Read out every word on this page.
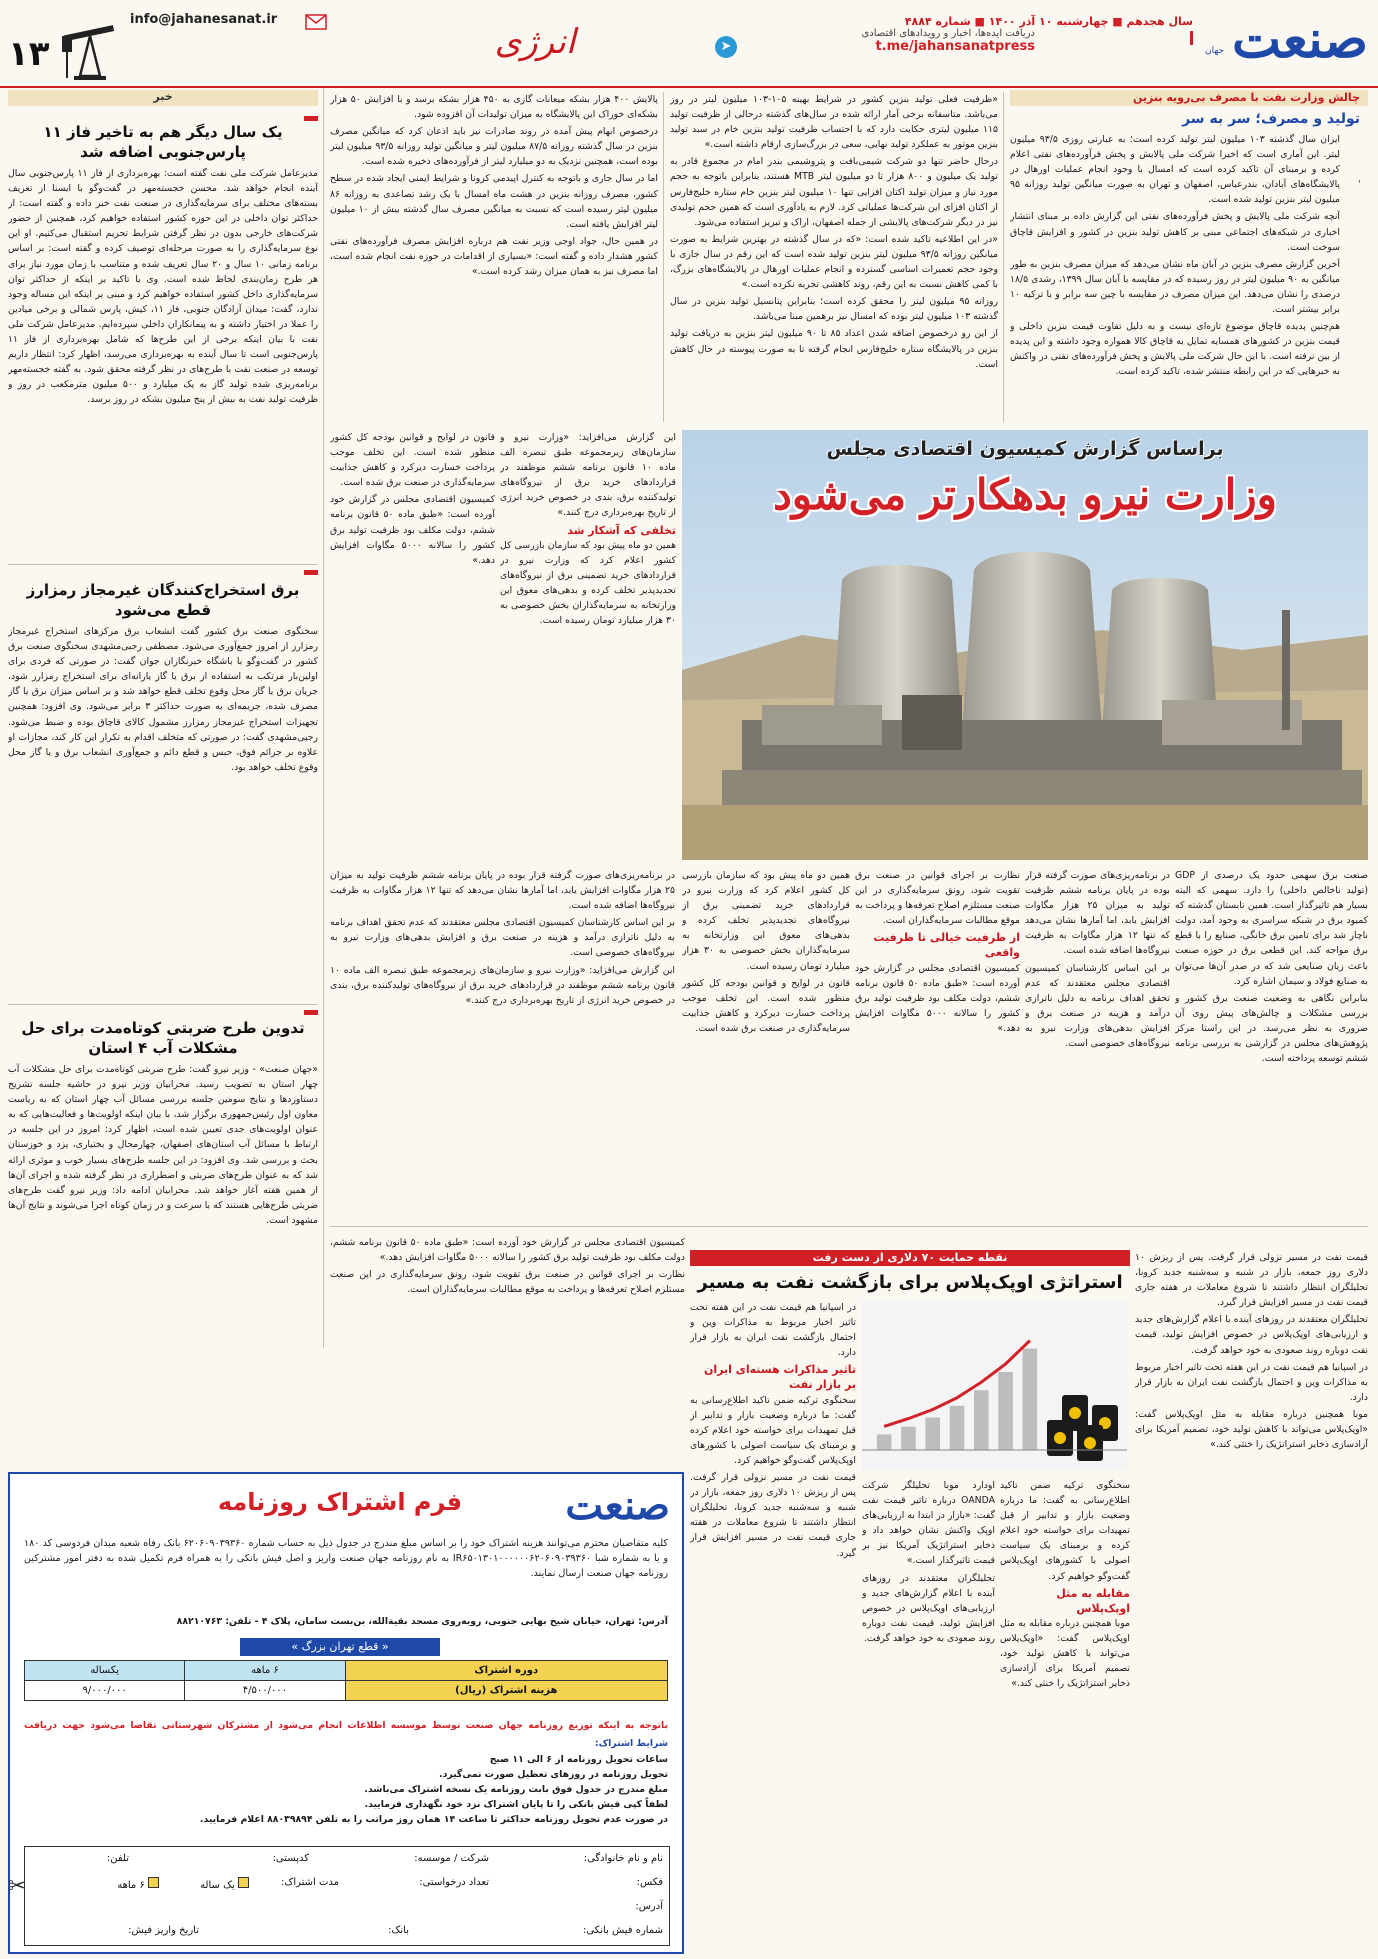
صنعت
جهان
سال هجدهم ■ چهارشنبه ۱۰ آذر ۱۴۰۰ ■ شماره ۴۸۸۴
➤
دریافت ایده‌ها، اخبار و رویدادهای اقتصادی
t.me/jahansanatpress
انرژی
info@jahanesanat.ir
۱۳
چالش وزارت نفت با مصرف بی‌رویه بنزین
تولید و مصرف؛ سر به سر

ایران سال گذشته ۱۰۳ میلیون لیتر تولید کرده است؛ به عبارتی روزی ۹۳/۵ میلیون لیتر. این آماری است که اخیرا شرکت ملی پالایش و پخش فرآورده‌های نفتی اعلام کرده و برمبنای آن تاکید کرده است که امسال با وجود انجام عملیات اورهال در پالایشگاه‌های آبادان، بندرعباس، اصفهان و تهران به صورت میانگین تولید روزانه ۹۵ میلیون لیتر بنزین تولید شده است.

آنچه شرکت ملی پالایش و پخش فرآورده‌های نفتی این گزارش داده بر مبنای انتشار اخباری در شبکه‌های اجتماعی مبنی بر کاهش تولید بنزین در کشور و افزایش قاچاق سوخت است.

آخرین گزارش مصرف بنزین در آبان ماه نشان می‌دهد که میزان مصرف بنزین به طور میانگین به ۹۰ میلیون لیتر در روز رسیده که در مقایسه با آبان سال ۱۳۹۹، رشدی ۱۸/۵ درصدی را نشان می‌دهد. این میزان مصرف در مقایسه با چین سه برابر و با ترکیه ۱۰ برابر بیشتر است.

هم‌چنین پدیده قاچاق موضوع تازه‌ای نیست و به دلیل تفاوت قیمت بنزین داخلی و قیمت بنزین در کشورهای همسایه تمایل به قاچاق کالا همواره وجود داشته و این پدیده از بین نرفته است. با این حال شرکت ملی پالایش و پخش فرآورده‌های نفتی در واکنش به خبرهایی که در این رابطه منتشر شده، تاکید کرده است.

ـ

«ظرفیت فعلی تولید بنزین کشور در شرایط بهینه ۱۰۵-۱۰۳ میلیون لیتر در روز می‌باشد. متاسفانه برخی آمار ارائه شده در سال‌های گذشته درحالی از ظرفیت تولید ۱۱۵ میلیون لیتری حکایت دارد که با احتساب ظرفیت تولید بنزین خام در سبد تولید بنزین موتور به عملکرد تولید نهایی، سعی در بزرگ‌سازی ارقام داشته است.»

درحال حاضر تنها دو شرکت شیمی‌بافت و پتروشیمی بندر امام در مجموع قادر به تولید یک میلیون و ۸۰۰ هزار تا دو میلیون لیتر MTB هستند، بنابراین باتوجه به حجم مورد نیاز و میزان تولید اکتان افزایی تنها ۱۰ میلیون لیتر بنزین خام ستاره خلیج‌فارس از اکتان افزای این شرکت‌ها عملیاتی کرد. لازم به یادآوری است که همین حجم تولیدی نیز در دیگر شرکت‌های پالایشی از جمله اصفهان، اراک و تبریز استفاده می‌شود.

«در این اطلاعیه تاکید شده است: «که در سال گذشته در بهترین شرایط به صورت میانگین روزانه ۹۳/۵ میلیون لیتر بنزین تولید شده است که این رقم در سال جاری با وجود حجم تعمیرات اساسی گسترده و انجام عملیات اورهال در پالایشگاه‌های بزرگ، با کمی کاهش نسبت به این رقم، روند کاهشی تجربه نکرده است.»

روزانه ۹۵ میلیون لیتر را محقق کرده است؛ بنابراین پتانسیل تولید بنزین در سال گذشته ۱۰۳ میلیون لیتر بوده که امسال نیز برهمین مبنا می‌باشد.

از این رو درخصوص اضافه شدن اعداد ۸۵ تا ۹۰ میلیون لیتر بنزین به دریافت تولید بنزین در پالایشگاه ستاره خلیج‌فارس انجام گرفته تا به صورت پیوسته در حال کاهش است.

پالایش ۴۰۰ هزار بشکه میعانات گازی به ۴۵۰ هزار بشکه برسد و با افزایش ۵۰ هزار بشکه‌ای خوراک این پالایشگاه به میزان تولیدات آن افزوده شود.

درخصوص ابهام پیش آمده در روند صادرات نیز باید اذعان کرد که میانگین مصرف بنزین در سال گذشته روزانه ۸۷/۵ میلیون لیتر و میانگین تولید روزانه ۹۳/۵ میلیون لیتر بوده است، همچنین نزدیک به دو میلیارد لیتر از فرآورده‌های ذخیره شده است.

اما در سال جاری و باتوجه به کنترل اپیدمی کرونا و شرایط ایمنی ایجاد شده در سطح کشور، مصرف روزانه بنزین در هشت ماه امسال با یک رشد تصاعدی به روزانه ۸۶ میلیون لیتر رسیده است که نسبت به میانگین مصرف سال گذشته بیش از ۱۰ میلیون لیتر افزایش یافته است.

در همین حال، جواد اوجی وزیر نفت هم درباره افزایش مصرف فرآورده‌های نفتی کشور هشدار داده و گفته است: «بسیاری از اقدامات در حوزه نفت انجام شده است، اما مصرف نیز به همان میزان رشد کرده است.»

براساس گزارش کمیسیون اقتصادی مجلس
وزارت نیرو بدهکارتر می‌شود

صنعت برق سهمی حدود یک درصدی از GDP (تولید ناخالص داخلی) را دارد. سهمی که البته بسیار هم تاثیرگذار است. همین تابستان گذشته که کمبود برق در شبکه سراسری به وجود آمد، دولت ناچار شد برای تامین برق خانگی، صنایع را با قطع برق مواجه کند. این قطعی برق در حوزه صنعت باعث زیان صنایعی شد که در صدر آن‌ها می‌توان به صنایع فولاد و سیمان اشاره کرد.

بنابراین نگاهی به وضعیت صنعت برق کشور و بررسی مشکلات و چالش‌های پیش روی آن ضروری به نظر می‌رسد. در این راستا مرکز پژوهش‌های مجلس در گزارشی به بررسی برنامه ششم توسعه پرداخته است.

در برنامه‌ریزی‌های صورت گرفته قرار بوده در پایان برنامه ششم ظرفیت تولید به میزان ۲۵ هزار مگاوات افزایش یابد، اما آمارها نشان می‌دهد که تنها ۱۲ هزار مگاوات به ظرفیت نیروگاه‌ها اضافه شده است.

بر این اساس کارشناسان کمیسیون اقتصادی مجلس معتقدند که عدم تحقق اهداف برنامه به دلیل ناترازی درآمد و هزینه در صنعت برق و افزایش بدهی‌های وزارت نیرو به نیروگاه‌های خصوصی است.

نظارت بر اجرای قوانین در صنعت برق تقویت شود، رونق سرمایه‌گذاری در این صنعت مستلزم اصلاح تعرفه‌ها و پرداخت به موقع مطالبات سرمایه‌گذاران است.

از ظرفیت خیالی تا ظرفیت واقعی

کمیسیون اقتصادی مجلس در گزارش خود آورده است: «طبق ماده ۵۰ قانون برنامه ششم، دولت مکلف بود ظرفیت تولید برق کشور را سالانه ۵۰۰۰ مگاوات افزایش دهد.»

همین دو ماه پیش بود که سازمان بازرسی کل کشور اعلام کرد که وزارت نیرو در قراردادهای خرید تضمینی برق از نیروگاه‌های تجدیدپذیر تخلف کرده و بدهی‌های معوق این وزارتخانه به سرمایه‌گذاران بخش خصوصی به ۳۰ هزار میلیارد تومان رسیده است.

قانون در لوایح و قوانین بودجه کل کشور منظور شده است. این تخلف موجب پرداخت خسارت دیرکرد و کاهش جذابیت سرمایه‌گذاری در صنعت برق شده است.

این گزارش می‌افزاید: «وزارت نیرو و سازمان‌های زیرمجموعه طبق تبصره الف ماده ۱۰ قانون برنامه ششم موظفند در قراردادهای خرید برق از نیروگاه‌های تولیدکننده برق، بندی در خصوص خرید انرژی از تاریخ بهره‌برداری درج کنند.»

تخلفی که آشکار شد

همین دو ماه پیش بود که سازمان بازرسی کل کشور اعلام کرد که وزارت نیرو در قراردادهای خرید تضمینی برق از نیروگاه‌های تجدیدپذیر تخلف کرده و بدهی‌های معوق این وزارتخانه به سرمایه‌گذاران بخش خصوصی به ۳۰ هزار میلیارد تومان رسیده است.

قانون در لوایح و قوانین بودجه کل کشور منظور شده است. این تخلف موجب پرداخت خسارت دیرکرد و کاهش جذابیت سرمایه‌گذاری در صنعت برق شده است.

کمیسیون اقتصادی مجلس در گزارش خود آورده است: «طبق ماده ۵۰ قانون برنامه ششم، دولت مکلف بود ظرفیت تولید برق کشور را سالانه ۵۰۰۰ مگاوات افزایش دهد.»

در برنامه‌ریزی‌های صورت گرفته قرار بوده در پایان برنامه ششم ظرفیت تولید به میزان ۲۵ هزار مگاوات افزایش یابد، اما آمارها نشان می‌دهد که تنها ۱۲ هزار مگاوات به ظرفیت نیروگاه‌ها اضافه شده است.

بر این اساس کارشناسان کمیسیون اقتصادی مجلس معتقدند که عدم تحقق اهداف برنامه به دلیل ناترازی درآمد و هزینه در صنعت برق و افزایش بدهی‌های وزارت نیرو به نیروگاه‌های خصوصی است.

این گزارش می‌افزاید: «وزارت نیرو و سازمان‌های زیرمجموعه طبق تبصره الف ماده ۱۰ قانون برنامه ششم موظفند در قراردادهای خرید برق از نیروگاه‌های تولیدکننده برق، بندی در خصوص خرید انرژی از تاریخ بهره‌برداری درج کنند.»

نقطه حمایت ۷۰ دلاری از دست رفت
استراتژی اوپک‌پلاس برای بازگشت نفت به مسیر

قیمت نفت در مسیر نزولی قرار گرفت. پس از ریزش ۱۰ دلاری روز جمعه، بازار در شنبه و سه‌شنبه جدید کرونا، تحلیلگران انتظار داشتند تا شروع معاملات در هفته جاری قیمت نفت در مسیر افزایش قرار گیرد.

تحلیلگران معتقدند در روزهای آینده با اعلام گزارش‌های جدید و ارزیابی‌های اوپک‌پلاس در خصوص افزایش تولید، قیمت نفت دوباره روند صعودی به خود خواهد گرفت.

در اسپانیا هم قیمت نفت در این هفته تحت تاثیر اخبار مربوط به مذاکرات وین و احتمال بازگشت نفت ایران به بازار قرار دارد.

موبا همچنین درباره مقابله به مثل اوپک‌پلاس گفت: «اوپک‌پلاس می‌تواند با کاهش تولید خود، تصمیم آمریکا برای آزادسازی ذخایر استراتژیک را خنثی کند.»

سخنگوی ترکیه ضمن تاکید اطلاع‌رسانی به گفت: ما درباره وضعیت بازار و تدابیر از قبل تمهیدات برای خواسته خود اعلام کرده و برمبنای یک سیاست اصولی با کشورهای اوپک‌پلاس گفت‌وگو خواهیم کرد.

مقابله به مثل اوپک‌پلاس

موبا همچنین درباره مقابله به مثل اوپک‌پلاس گفت: «اوپک‌پلاس می‌تواند با کاهش تولید خود، تصمیم آمریکا برای آزادسازی ذخایر استراتژیک را خنثی کند.»

اودارد موبا تحلیلگر شرکت OANDA درباره تاثیر قیمت نفت گفت: «بازار در ابتدا به ارزیابی‌های اوپک واکنش نشان خواهد داد و ذخایر استراتژیک آمریکا نیز بر قیمت تاثیرگذار است.»

تحلیلگران معتقدند در روزهای آینده با اعلام گزارش‌های جدید و ارزیابی‌های اوپک‌پلاس در خصوص افزایش تولید، قیمت نفت دوباره روند صعودی به خود خواهد گرفت.

در اسپانیا هم قیمت نفت در این هفته تحت تاثیر اخبار مربوط به مذاکرات وین و احتمال بازگشت نفت ایران به بازار قرار دارد.

تاثیر مذاکرات هسته‌ای ایران بر بازار نفت

سخنگوی ترکیه ضمن تاکید اطلاع‌رسانی به گفت: ما درباره وضعیت بازار و تدابیر از قبل تمهیدات برای خواسته خود اعلام کرده و برمبنای یک سیاست اصولی با کشورهای اوپک‌پلاس گفت‌وگو خواهیم کرد.

قیمت نفت در مسیر نزولی قرار گرفت. پس از ریزش ۱۰ دلاری روز جمعه، بازار در شنبه و سه‌شنبه جدید کرونا، تحلیلگران انتظار داشتند تا شروع معاملات در هفته جاری قیمت نفت در مسیر افزایش قرار گیرد.

کمیسیون اقتصادی مجلس در گزارش خود آورده است: «طبق ماده ۵۰ قانون برنامه ششم، دولت مکلف بود ظرفیت تولید برق کشور را سالانه ۵۰۰۰ مگاوات افزایش دهد.»

نظارت بر اجرای قوانین در صنعت برق تقویت شود، رونق سرمایه‌گذاری در این صنعت مستلزم اصلاح تعرفه‌ها و پرداخت به موقع مطالبات سرمایه‌گذاران است.

خبر
یک سال دیگر هم به تاخیر فاز ۱۱ پارس‌جنوبی اضافه شد
مدیرعامل شرکت ملی نفت گفته است: بهره‌برداری از فاز ۱۱ پارس‌جنوبی سال آینده انجام خواهد شد. محسن خجسته‌مهر در گفت‌وگو با ایسنا از تعریف بسته‌های مختلف برای سرمایه‌گذاری در صنعت نفت خبر داده و گفته است: از حداکثر توان داخلی در این حوزه کشور استفاده خواهیم کرد، همچنین از حضور شرکت‌های خارجی بدون در نظر گرفتن شرایط تحریم استقبال می‌کنیم. او این نوع سرمایه‌گذاری را به صورت مرحله‌ای توصیف کرده و گفته است: بر اساس برنامه زمانی ۱۰ سال و ۲۰ سال تعریف شده و متناسب با زمان مورد نیاز برای هر طرح زمان‌بندی لحاظ شده است. وی با تاکید بر اینکه از حداکثر توان سرمایه‌گذاری داخل کشور استفاده خواهیم کرد و مبنی بر اینکه این مساله وجود ندارد، گفت: میدان آزادگان جنوبی، فاز ۱۱، کیش، پارس شمالی و برخی میادین را عملا در اختیار داشته و به پیمانکاران داخلی سپرده‌ایم. مدیرعامل شرکت ملی نفت با بیان اینکه برخی از این طرح‌ها که شامل بهره‌برداری از فاز ۱۱ پارس‌جنوبی است تا سال آینده به بهره‌برداری می‌رسد، اظهار کرد: انتظار داریم توسعه در صنعت نفت با طرح‌های در نظر گرفته محقق شود. به گفته خجسته‌مهر برنامه‌ریزی شده تولید گاز به یک میلیارد و ۵۰۰ میلیون مترمکعب در روز و ظرفیت تولید نفت به بیش از پنج میلیون بشکه در روز برسد.
برق استخراج‌کنندگان غیرمجاز رمزارز قطع می‌شود
سخنگوی صنعت برق کشور گفت انشعاب برق مرکزهای استخراج غیرمجاز رمزارز از امروز جمع‌آوری می‌شود. مصطفی رجبی‌مشهدی سخنگوی صنعت برق کشور در گفت‌وگو با باشگاه خبرنگاران جوان گفت: در صورتی که فردی برای اولین‌بار مرتکب به استفاده از برق یا گاز یارانه‌ای برای استخراج رمزارز شود، جریان برق یا گاز محل وقوع تخلف قطع خواهد شد و بر اساس میزان برق یا گاز مصرف شده، جریمه‌ای به صورت حداکثر ۳ برابر می‌شود. وی افزود: همچنین تجهیزات استخراج غیرمجاز رمزارز مشمول کالای قاچاق بوده و ضبط می‌شود. رجبی‌مشهدی گفت: در صورتی که متخلف اقدام به تکرار این کار کند، مجازات او علاوه بر جرائم فوق، حبس و قطع دائم و جمع‌آوری انشعاب برق و یا گاز محل وقوع تخلف خواهد بود.
تدوین طرح ضربتی کوتاه‌مدت برای حل مشکلات آب ۴ استان
«جهان صنعت» - وزیر نیرو گفت: طرح ضربتی کوتاه‌مدت برای حل مشکلات آب چهار استان به تصویب رسید. محرابیان وزیر نیرو در حاشیه جلسه تشریح دستاوردها و نتایج سومین جلسه بررسی مسائل آب چهار استان که به ریاست معاون اول رئیس‌جمهوری برگزار شد، با بیان اینکه اولویت‌ها و فعالیت‌هایی که به عنوان اولویت‌های جدی تعیین شده است، اظهار کرد: امروز در این جلسه در ارتباط با مسائل آب استان‌های اصفهان، چهارمحال و بختیاری، یزد و خوزستان بحث و بررسی شد. وی افزود: در این جلسه طرح‌های بسیار خوب و موثری ارائه شد که به عنوان طرح‌های ضربتی و اضطراری در نظر گرفته شده و اجرای آن‌ها از همین هفته آغاز خواهد شد. محرابیان ادامه داد: وزیر نیرو گفت طرح‌های ضربتی طرح‌هایی هستند که با سرعت و در زمان کوتاه اجرا می‌شوند و نتایج آن‌ها مشهود است.
صنعت
فرم اشتراک روزنامه
کلیه متقاضیان محترم می‌توانند هزینه اشتراک خود را بر اساس مبلغ مندرج در جدول ذیل به حساب شماره ۶۲۰۶۰۹۰۳۹۳۶۰ بانک رفاه شعبه میدان فردوسی کد ۱۸۰ و یا به شماره شبا IR۶۵۰۱۳۰۱۰۰۰۰۰۰۶۲۰۶۰۹۰۳۹۳۶۰ به نام روزنامه جهان صنعت واریز و اصل فیش بانکی را به همراه فرم تکمیل شده به دفتر امور مشترکین روزنامه جهان صنعت ارسال نمایند.
آدرس: تهران، خیابان شیخ بهایی جنوبی، روبه‌روی مسجد بقیة‌الله، بن‌بست سامان، پلاک ۴ - تلفن: ۸۸۲۱۰۷۶۳
« قطع تهران بزرگ »
دوره اشتراک	۶ ماهه	یکساله
هزینه اشتراک (ریال)	۴/۵۰۰/۰۰۰	۹/۰۰۰/۰۰۰
باتوجه به اینکه توزیع روزنامه جهان صنعت توسط موسسه اطلاعات انجام می‌شود از مشترکان شهرستانی تقاضا می‌شود جهت دریافت
شرایط اشتراک:
ساعات تحویل روزنامه از ۶ الی ۱۱ صبح
تحویل روزنامه در روزهای تعطیل صورت نمی‌گیرد.
مبلغ مندرج در جدول فوق بابت روزنامه یک نسخه اشتراک می‌باشد.
لطفاً کپی فیش بانکی را تا پایان اشتراک نزد خود نگهداری فرمایید.
در صورت عدم تحویل روزنامه حداکثر تا ساعت ۱۴ همان روز مراتب را به تلفن ۸۸۰۳۹۸۹۴ اعلام فرمایید.
نام و نام خانوادگی:
شرکت / موسسه:
کدپستی:
تلفن:
فکس:
تعداد درخواستی:
مدت اشتراک:
یک ساله
۶ ماهه
آدرس:
شماره فیش بانکی:
بانک:
تاریخ واریز فیش:
✂
